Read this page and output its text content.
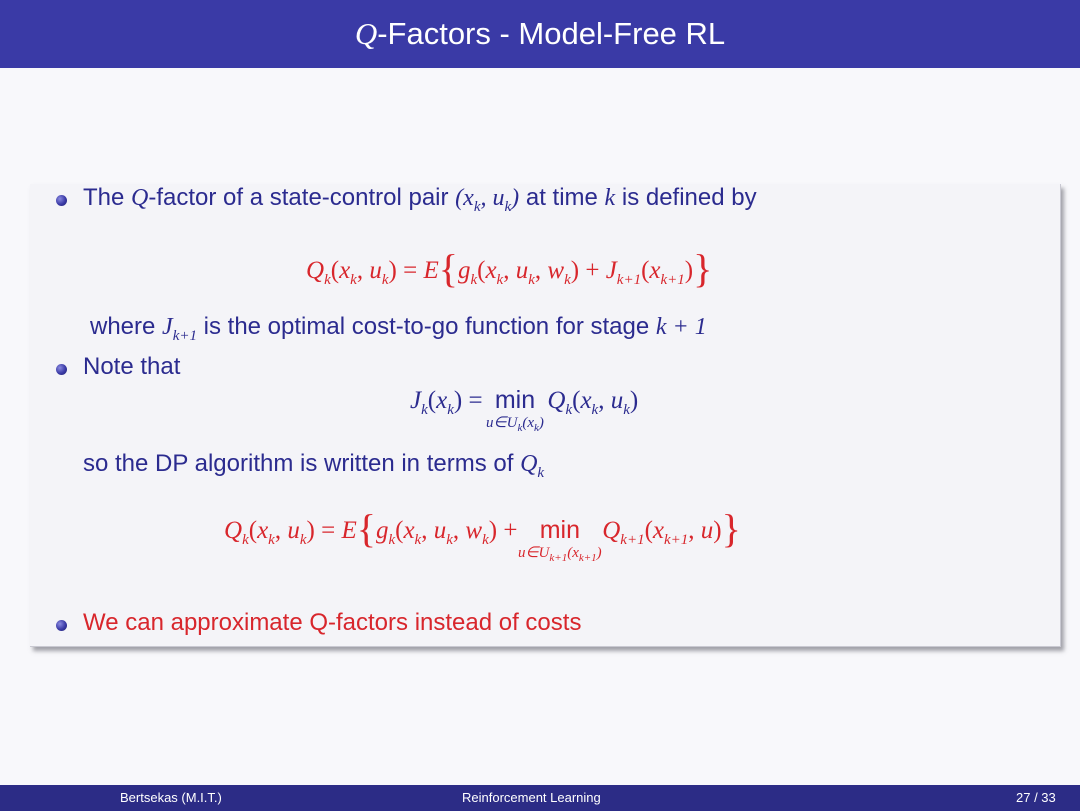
Q -Factors - Model-Free RL
The Q-factor of a state-control pair ($x_k$, $u_k$) at time k is defined by
$Q_k(x_k$, $u_k) = E\{g_k(x_k$, $u_k$, $w_k) + J_{k+1}(x_{k+1})$}
where $J_{k+1}$ is the optimal cost-to-go function for stage k + 1
Note that
$J_k(x_k) = \min$
$u\in U_k(x_k)$
$Q_k(x_k$, $u_k$)
so the DP algorithm is written in terms of $Q_k$
$Q_k(x_k$, $u_k) = E\{g_k(x_k$, $u_k$, $w_k) + \min$
$u\in U_{k+1}(x_{k+1})$
$Q_{k+1}(x_{k+1}$, u)}
We can approximate Q-factors instead of costs
Bertsekas (M.I.T.)	Reinforcement Learning	27 / 33
